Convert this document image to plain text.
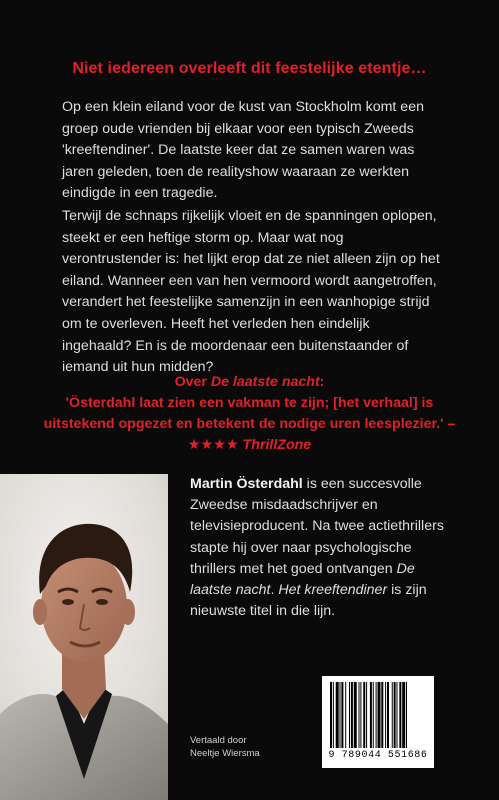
Niet iedereen overleeft dit feestelijke etentje…

Op een klein eiland voor de kust van Stockholm komt een groep oude vrienden bij elkaar voor een typisch Zweeds 'kreeftendiner'. De laatste keer dat ze samen waren was jaren geleden, toen de realityshow waaraan ze werkten eindigde in een tragedie.

Terwijl de schnaps rijkelijk vloeit en de spanningen oplopen, steekt er een heftige storm op. Maar wat nog verontrustender is: het lijkt erop dat ze niet alleen zijn op het eiland. Wanneer een van hen vermoord wordt aangetroffen, verandert het feestelijke samenzijn in een wanhopige strijd om te overleven. Heeft het verleden hen eindelijk ingehaald? En is de moordenaar een buitenstaander of iemand uit hun midden?

Over De laatste nacht:
'Österdahl laat zien een vakman te zijn; [het verhaal] is uitstekend opgezet en betekent de nodige uren leesplezier.' – ★★★★ ThrillZone

Martin Österdahl is een succesvolle Zweedse misdaadschrijver en televisieproducent. Na twee actiethrillers stapte hij over naar psychologische thrillers met het goed ontvangen De laatste nacht. Het kreeftendiner is zijn nieuwste titel in die lijn.

Vertaald door
Neeltje Wiersma	9 789044 551686
